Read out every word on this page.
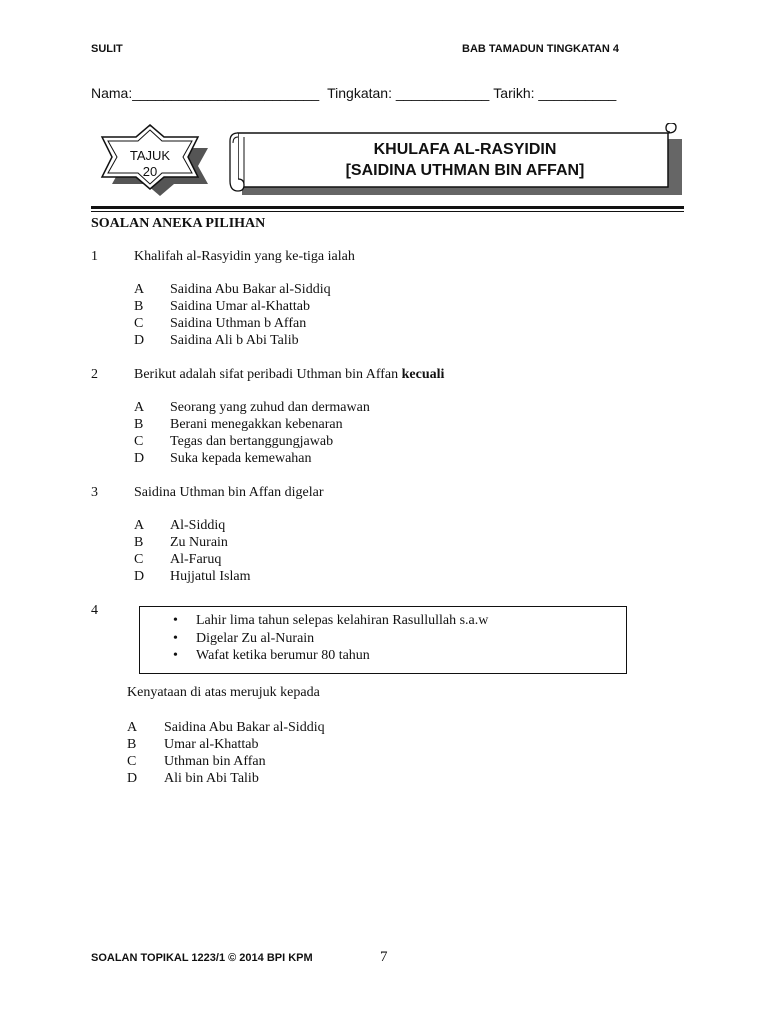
SULIT	BAB TAMADUN TINGKATAN 4
Nama:________________________ Tingkatan: ____________ Tarikh: __________
TAJUK
20
KHULAFA AL-RASYIDIN
[SAIDINA UTHMAN BIN AFFAN]
SOALAN ANEKA PILIHAN
1	Khalifah al-Rasyidin yang ke-tiga ialah
A Saidina Abu Bakar al-Siddiq
B Saidina Umar al-Khattab
C Saidina Uthman b Affan
D Saidina Ali b Abi Talib
2	Berikut adalah sifat peribadi Uthman bin Affan kecuali
A Seorang yang zuhud dan dermawan
B Berani menegakkan kebenaran
C Tegas dan bertanggungjawab
D Suka kepada kemewahan
3	Saidina Uthman bin Affan digelar
A Al-Siddiq
B Zu Nurain
C Al-Faruq
D Hujjatul Islam
4
• Lahir lima tahun selepas kelahiran Rasullullah s.a.w
• Digelar Zu al-Nurain
• Wafat ketika berumur 80 tahun
Kenyataan di atas merujuk kepada
A Saidina Abu Bakar al-Siddiq
B Umar al-Khattab
C Uthman bin Affan
D Ali bin Abi Talib
SOALAN TOPIKAL 1223/1 © 2014 BPI KPM	7
